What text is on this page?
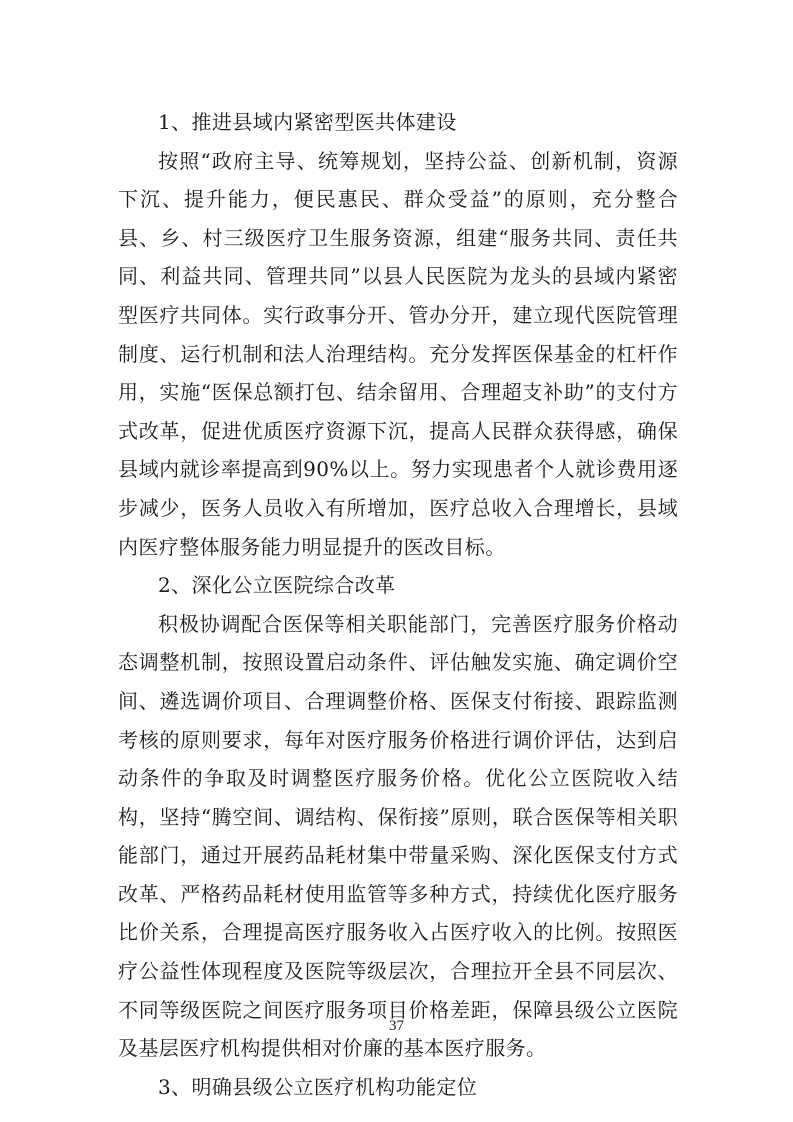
1、推进县域内紧密型医共体建设

按照“政府主导、统筹规划，坚持公益、创新机制，资源下沉、提升能力，便民惠民、群众受益”的原则，充分整合县、乡、村三级医疗卫生服务资源，组建“服务共同、责任共同、利益共同、管理共同”以县人民医院为龙头的县域内紧密型医疗共同体。实行政事分开、管办分开，建立现代医院管理制度、运行机制和法人治理结构。充分发挥医保基金的杠杆作用，实施“医保总额打包、结余留用、合理超支补助”的支付方式改革，促进优质医疗资源下沉，提高人民群众获得感，确保县域内就诊率提高到90%以上。努力实现患者个人就诊费用逐步减少，医务人员收入有所增加，医疗总收入合理增长，县域内医疗整体服务能力明显提升的医改目标。

2、深化公立医院综合改革

积极协调配合医保等相关职能部门，完善医疗服务价格动态调整机制，按照设置启动条件、评估触发实施、确定调价空间、遴选调价项目、合理调整价格、医保支付衔接、跟踪监测考核的原则要求，每年对医疗服务价格进行调价评估，达到启动条件的争取及时调整医疗服务价格。优化公立医院收入结构，坚持“腾空间、调结构、保衔接”原则，联合医保等相关职能部门，通过开展药品耗材集中带量采购、深化医保支付方式改革、严格药品耗材使用监管等多种方式，持续优化医疗服务比价关系，合理提高医疗服务收入占医疗收入的比例。按照医疗公益性体现程度及医院等级层次，合理拉开全县不同层次、不同等级医院之间医疗服务项目价格差距，保障县级公立医院及基层医疗机构提供相对价廉的基本医疗服务。

3、明确县级公立医疗机构功能定位

37
